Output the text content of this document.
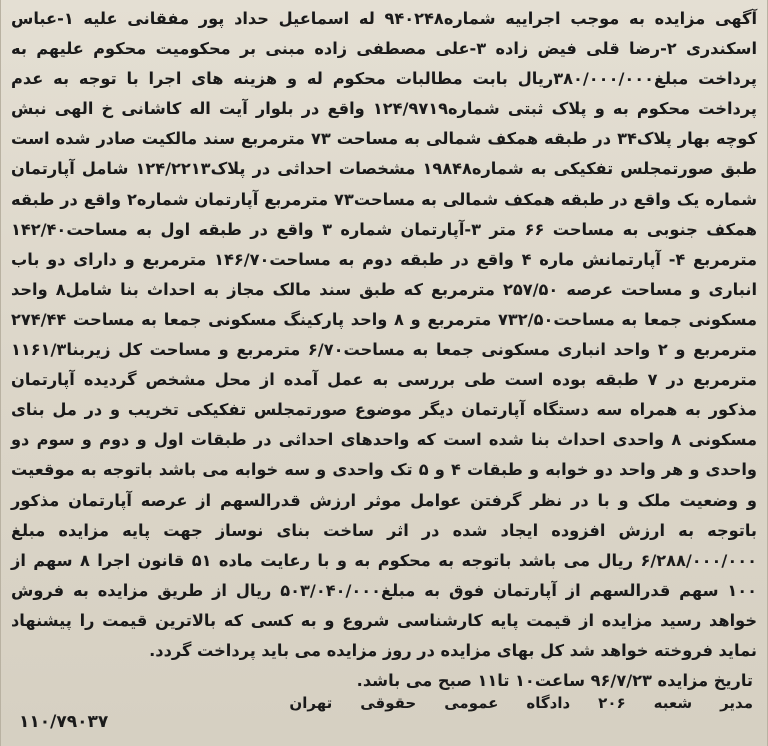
آگهی مزایده به موجب اجراییه شماره۹۴۰۲۴۸ له اسماعیل حداد پور مفقانی علیه ۱-عباس اسکندری ۲-رضا قلی فیض زاده ۳-علی مصطفی زاده مبنی بر محکومیت محکوم علیهم به پرداخت مبلغ۳۸۰/۰۰۰/۰۰۰ریال بابت مطالبات محکوم له و هزینه های اجرا با توجه به عدم پرداخت محکوم به و پلاک ثبتی شماره۱۲۴/۹۷۱۹ واقع در بلوار آیت اله کاشانی خ الهی نبش کوچه بهار پلاک۳۴ در طبقه همکف شمالی به مساحت ۷۳ مترمربع سند مالکیت صادر شده است طبق صورتمجلس تفکیکی به شماره۱۹۸۴۸ مشخصات احداثی در پلاک۱۲۴/۲۲۱۳ شامل آپارتمان شماره یک واقع در طبقه همکف شمالی به مساحت۷۳ مترمربع آپارتمان شماره۲ واقع در طبقه همکف جنوبی به مساحت ۶۶ متر ۳-آپارتمان شماره ۳ واقع در طبقه اول به مساحت۱۴۲/۴۰ مترمربع ۴- آپارتمانش ماره ۴ واقع در طبقه دوم به مساحت۱۴۶/۷۰ مترمربع و دارای دو باب انباری و مساحت عرصه ۲۵۷/۵۰ مترمربع که طبق سند مالک مجاز به احداث بنا شامل۸ واحد مسکونی جمعا به مساحت۷۳۲/۵۰ مترمربع و ۸ واحد پارکینگ مسکونی جمعا به مساحت ۲۷۴/۴۴ مترمربع و ۲ واحد انباری مسکونی جمعا به مساحت۶/۷۰ مترمربع و مساحت کل زیربنا۱۱۶۱/۳ مترمربع در ۷ طبقه بوده است طی بررسی به عمل آمده از محل مشخص گردیده آپارتمان مذکور به همراه سه دستگاه آپارتمان دیگر موضوع صورتمجلس تفکیکی تخریب و در مل بنای مسکونی ۸ واحدی احداث بنا شده است که واحدهای احداثی در طبقات اول و دوم و سوم دو واحدی و هر واحد دو خوابه و طبقات ۴ و ۵ تک واحدی و سه خوابه می باشد باتوجه به موقعیت و وضعیت ملک و با در نظر گرفتن عوامل موثر ارزش قدرالسهم از عرصه آپارتمان مذکور باتوجه به ارزش افزوده ایجاد شده در اثر ساخت بنای نوساز جهت پایه مزایده مبلغ ۶/۲۸۸/۰۰۰/۰۰۰ ریال می باشد باتوجه به محکوم به و با رعایت ماده ۵۱ قانون اجرا ۸ سهم از ۱۰۰ سهم قدرالسهم از آپارتمان فوق به مبلغ۵۰۳/۰۴۰/۰۰۰ ریال از طریق مزایده به فروش خواهد رسید مزایده از قیمت پایه کارشناسی شروع و به کسی که بالاترین قیمت را پیشنهاد نماید فروخته خواهد شد کل بهای مزایده در روز مزایده می باید پرداخت گردد.

تاریخ مزایده ۹۶/۷/۲۳ ساعت۱۰ تا۱۱ صبح می باشد.

مدیر
شعبه
۲۰۶
دادگاه
عمومی
حقوقی
تهران
۱۱۰/۷۹۰۳۷
